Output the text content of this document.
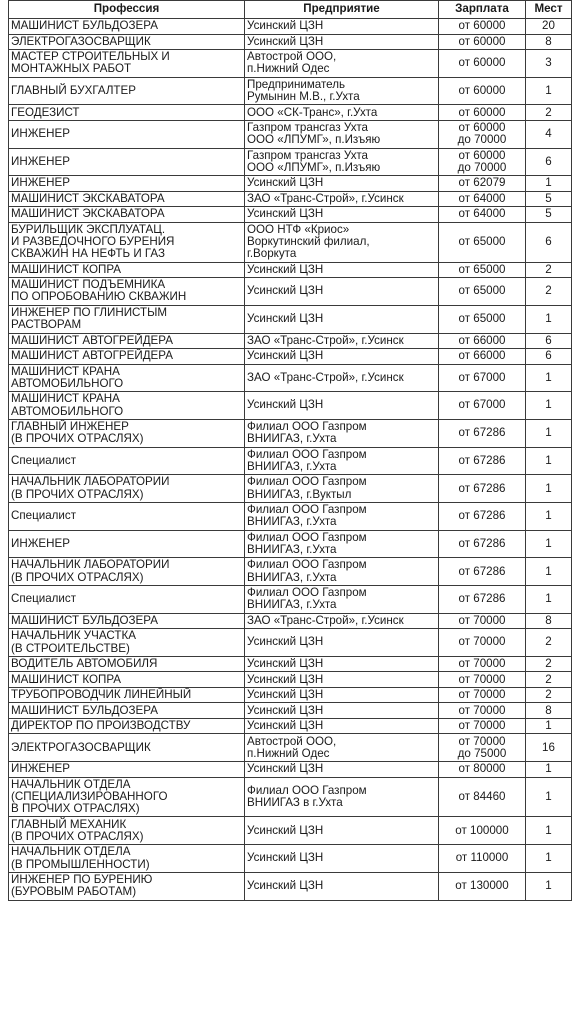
Профессия	Предприятие	Зарплата	Мест

МАШИНИСТ БУЛЬДОЗЕРА	Усинский ЦЗН	от 60000	20

ЭЛЕКТРОГАЗОСВАРЩИК	Усинский ЦЗН	от 60000	8

МАСТЕР СТРОИТЕЛЬНЫХ И
МОНТАЖНЫХ РАБОТ	Автострой ООО,
п.Нижний Одес	от 60000	3

ГЛАВНЫЙ БУХГАЛТЕР	Предприниматель
Румынин М.В., г.Ухта	от 60000	1

ГЕОДЕЗИСТ	ООО «СК-Транс», г.Ухта	от 60000	2

ИНЖЕНЕР	Газпром трансгаз Ухта
ООО «ЛПУМГ», п.Изъяю	от 60000
до 70000	4

ИНЖЕНЕР	Газпром трансгаз Ухта
ООО «ЛПУМГ», п.Изъяю	от 60000
до 70000	6

ИНЖЕНЕР	Усинский ЦЗН	от 62079	1

МАШИНИСТ ЭКСКАВАТОРА	ЗАО «Транс-Строй», г.Усинск	от 64000	5

МАШИНИСТ ЭКСКАВАТОРА	Усинский ЦЗН	от 64000	5

БУРИЛЬЩИК ЭКСПЛУАТАЦ.
И РАЗВЕДОЧНОГО БУРЕНИЯ
СКВАЖИН НА НЕФТЬ И ГАЗ	ООО НТФ «Криос»
Воркутинский филиал,
г.Воркута	от 65000	6

МАШИНИСТ КОПРА	Усинский ЦЗН	от 65000	2

МАШИНИСТ ПОДЪЕМНИКА
ПО ОПРОБОВАНИЮ СКВАЖИН	Усинский ЦЗН	от 65000	2

ИНЖЕНЕР ПО ГЛИНИСТЫМ
РАСТВОРАМ	Усинский ЦЗН	от 65000	1

МАШИНИСТ АВТОГРЕЙДЕРА	ЗАО «Транс-Строй», г.Усинск	от 66000	6

МАШИНИСТ АВТОГРЕЙДЕРА	Усинский ЦЗН	от 66000	6

МАШИНИСТ КРАНА
АВТОМОБИЛЬНОГО	ЗАО «Транс-Строй», г.Усинск	от 67000	1

МАШИНИСТ КРАНА
АВТОМОБИЛЬНОГО	Усинский ЦЗН	от 67000	1

ГЛАВНЫЙ ИНЖЕНЕР
(В ПРОЧИХ ОТРАСЛЯХ)	Филиал ООО Газпром
ВНИИГАЗ, г.Ухта	от 67286	1

Специалист	Филиал ООО Газпром
ВНИИГАЗ, г.Ухта	от 67286	1

НАЧАЛЬНИК ЛАБОРАТОРИИ
(В ПРОЧИХ ОТРАСЛЯХ)	Филиал ООО Газпром
ВНИИГАЗ, г.Вуктыл	от 67286	1

Специалист	Филиал ООО Газпром
ВНИИГАЗ, г.Ухта	от 67286	1

ИНЖЕНЕР	Филиал ООО Газпром
ВНИИГАЗ, г.Ухта	от 67286	1

НАЧАЛЬНИК ЛАБОРАТОРИИ
(В ПРОЧИХ ОТРАСЛЯХ)	Филиал ООО Газпром
ВНИИГАЗ, г.Ухта	от 67286	1

Специалист	Филиал ООО Газпром
ВНИИГАЗ, г.Ухта	от 67286	1

МАШИНИСТ БУЛЬДОЗЕРА	ЗАО «Транс-Строй», г.Усинск	от 70000	8

НАЧАЛЬНИК УЧАСТКА
(В СТРОИТЕЛЬСТВЕ)	Усинский ЦЗН	от 70000	2

ВОДИТЕЛЬ АВТОМОБИЛЯ	Усинский ЦЗН	от 70000	2

МАШИНИСТ КОПРА	Усинский ЦЗН	от 70000	2

ТРУБОПРОВОДЧИК ЛИНЕЙНЫЙ	Усинский ЦЗН	от 70000	2

МАШИНИСТ БУЛЬДОЗЕРА	Усинский ЦЗН	от 70000	8

ДИРЕКТОР ПО ПРОИЗВОДСТВУ	Усинский ЦЗН	от 70000	1

ЭЛЕКТРОГАЗОСВАРЩИК	Автострой ООО,
п.Нижний Одес	от 70000
до 75000	16

ИНЖЕНЕР	Усинский ЦЗН	от 80000	1

НАЧАЛЬНИК ОТДЕЛА
(СПЕЦИАЛИЗИРОВАННОГО
В ПРОЧИХ ОТРАСЛЯХ)	Филиал ООО Газпром
ВНИИГАЗ в г.Ухта	от 84460	1

ГЛАВНЫЙ МЕХАНИК
(В ПРОЧИХ ОТРАСЛЯХ)	Усинский ЦЗН	от 100000	1

НАЧАЛЬНИК ОТДЕЛА
(В ПРОМЫШЛЕННОСТИ)	Усинский ЦЗН	от 110000	1

ИНЖЕНЕР ПО БУРЕНИЮ
(БУРОВЫМ РАБОТАМ)	Усинский ЦЗН	от 130000	1
